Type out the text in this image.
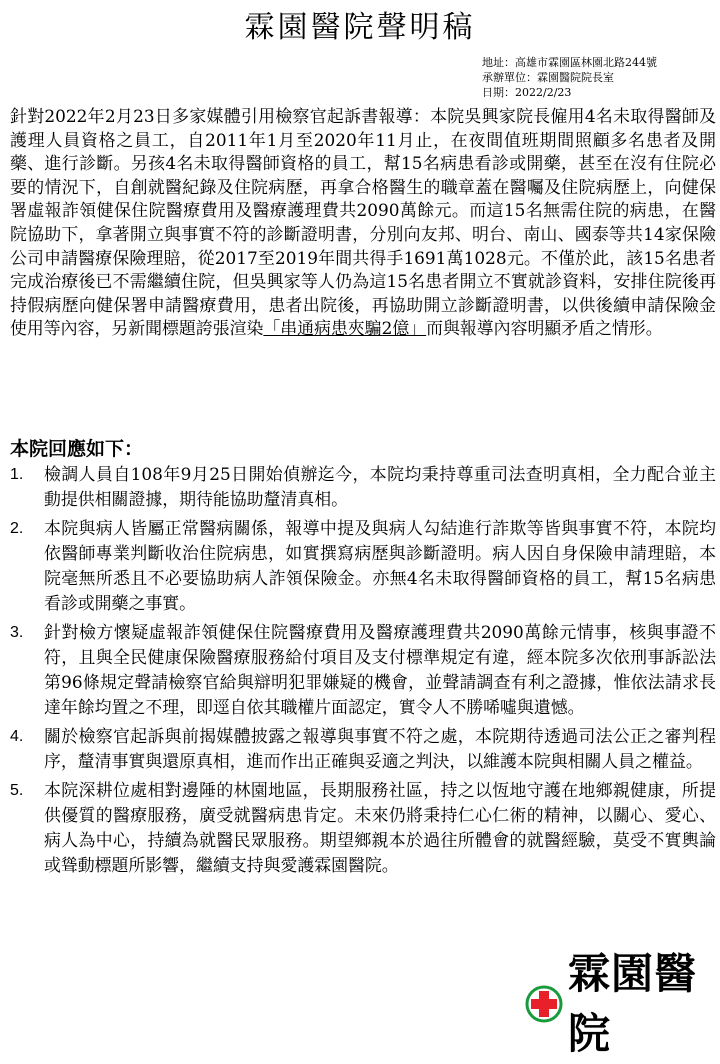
霖園醫院聲明稿
地址：高雄市霖園區林園北路244號
承辦單位：霖園醫院院長室
日期：2022/2/23
針對2022年2月23日多家媒體引用檢察官起訴書報導：本院吳興家院長僱用4名未取得醫師及護理人員資格之員工，自2011年1月至2020年11月止，在夜間值班期間照顧多名患者及開藥、進行診斷。另孩4名未取得醫師資格的員工，幫15名病患看診或開藥，甚至在沒有住院必要的情況下，自創就醫紀錄及住院病歷，再拿合格醫生的職章蓋在醫囑及住院病歷上，向健保署虛報詐領健保住院醫療費用及醫療護理費共2090萬餘元。而這15名無需住院的病患，在醫院協助下，拿著開立與事實不符的診斷證明書，分別向友邦、明台、南山、國泰等共14家保險公司申請醫療保險理賠，從2017至2019年間共得手1691萬1028元。不僅於此，該15名患者完成治療後已不需繼續住院，但吳興家等人仍為這15名患者開立不實就診資料，安排住院後再持假病歷向健保署申請醫療費用，患者出院後，再協助開立診斷證明書，以供後續申請保險金使用等內容，另新聞標題誇張渲染「串通病患夾騙2億」而與報導內容明顯矛盾之情形。
本院回應如下：
1. 檢調人員自108年9月25日開始偵辦迄今，本院均秉持尊重司法查明真相，全力配合並主動提供相關證據，期待能協助釐清真相。
2. 本院與病人皆屬正常醫病關係，報導中提及與病人勾結進行詐欺等皆與事實不符，本院均依醫師專業判斷收治住院病患，如實撰寫病歷與診斷證明。病人因自身保險申請理賠，本院毫無所悉且不必要協助病人詐領保險金。亦無4名未取得醫師資格的員工，幫15名病患看診或開藥之事實。
3. 針對檢方懷疑虛報詐領健保住院醫療費用及醫療護理費共2090萬餘元情事，核與事證不符，且與全民健康保險醫療服務給付項目及支付標準規定有違，經本院多次依刑事訴訟法第96條規定聲請檢察官給與辯明犯罪嫌疑的機會，並聲請調查有利之證據，惟依法請求長達年餘均置之不理，即逕自依其職權片面認定，實令人不勝唏噓與遺憾。
4. 關於檢察官起訴與前揭媒體披露之報導與事實不符之處，本院期待透過司法公正之審判程序，釐清事實與還原真相，進而作出正確與妥適之判決，以維護本院與相關人員之權益。
5. 本院深耕位處相對邊陲的林園地區，長期服務社區，持之以恆地守護在地鄉親健康，所提供優質的醫療服務，廣受就醫病患肯定。未來仍將秉持仁心仁術的精神，以關心、愛心、病人為中心，持續為就醫民眾服務。期望鄉親本於過往所體會的就醫經驗，莫受不實輿論或聳動標題所影響，繼續支持與愛護霖園醫院。
霖園醫院
